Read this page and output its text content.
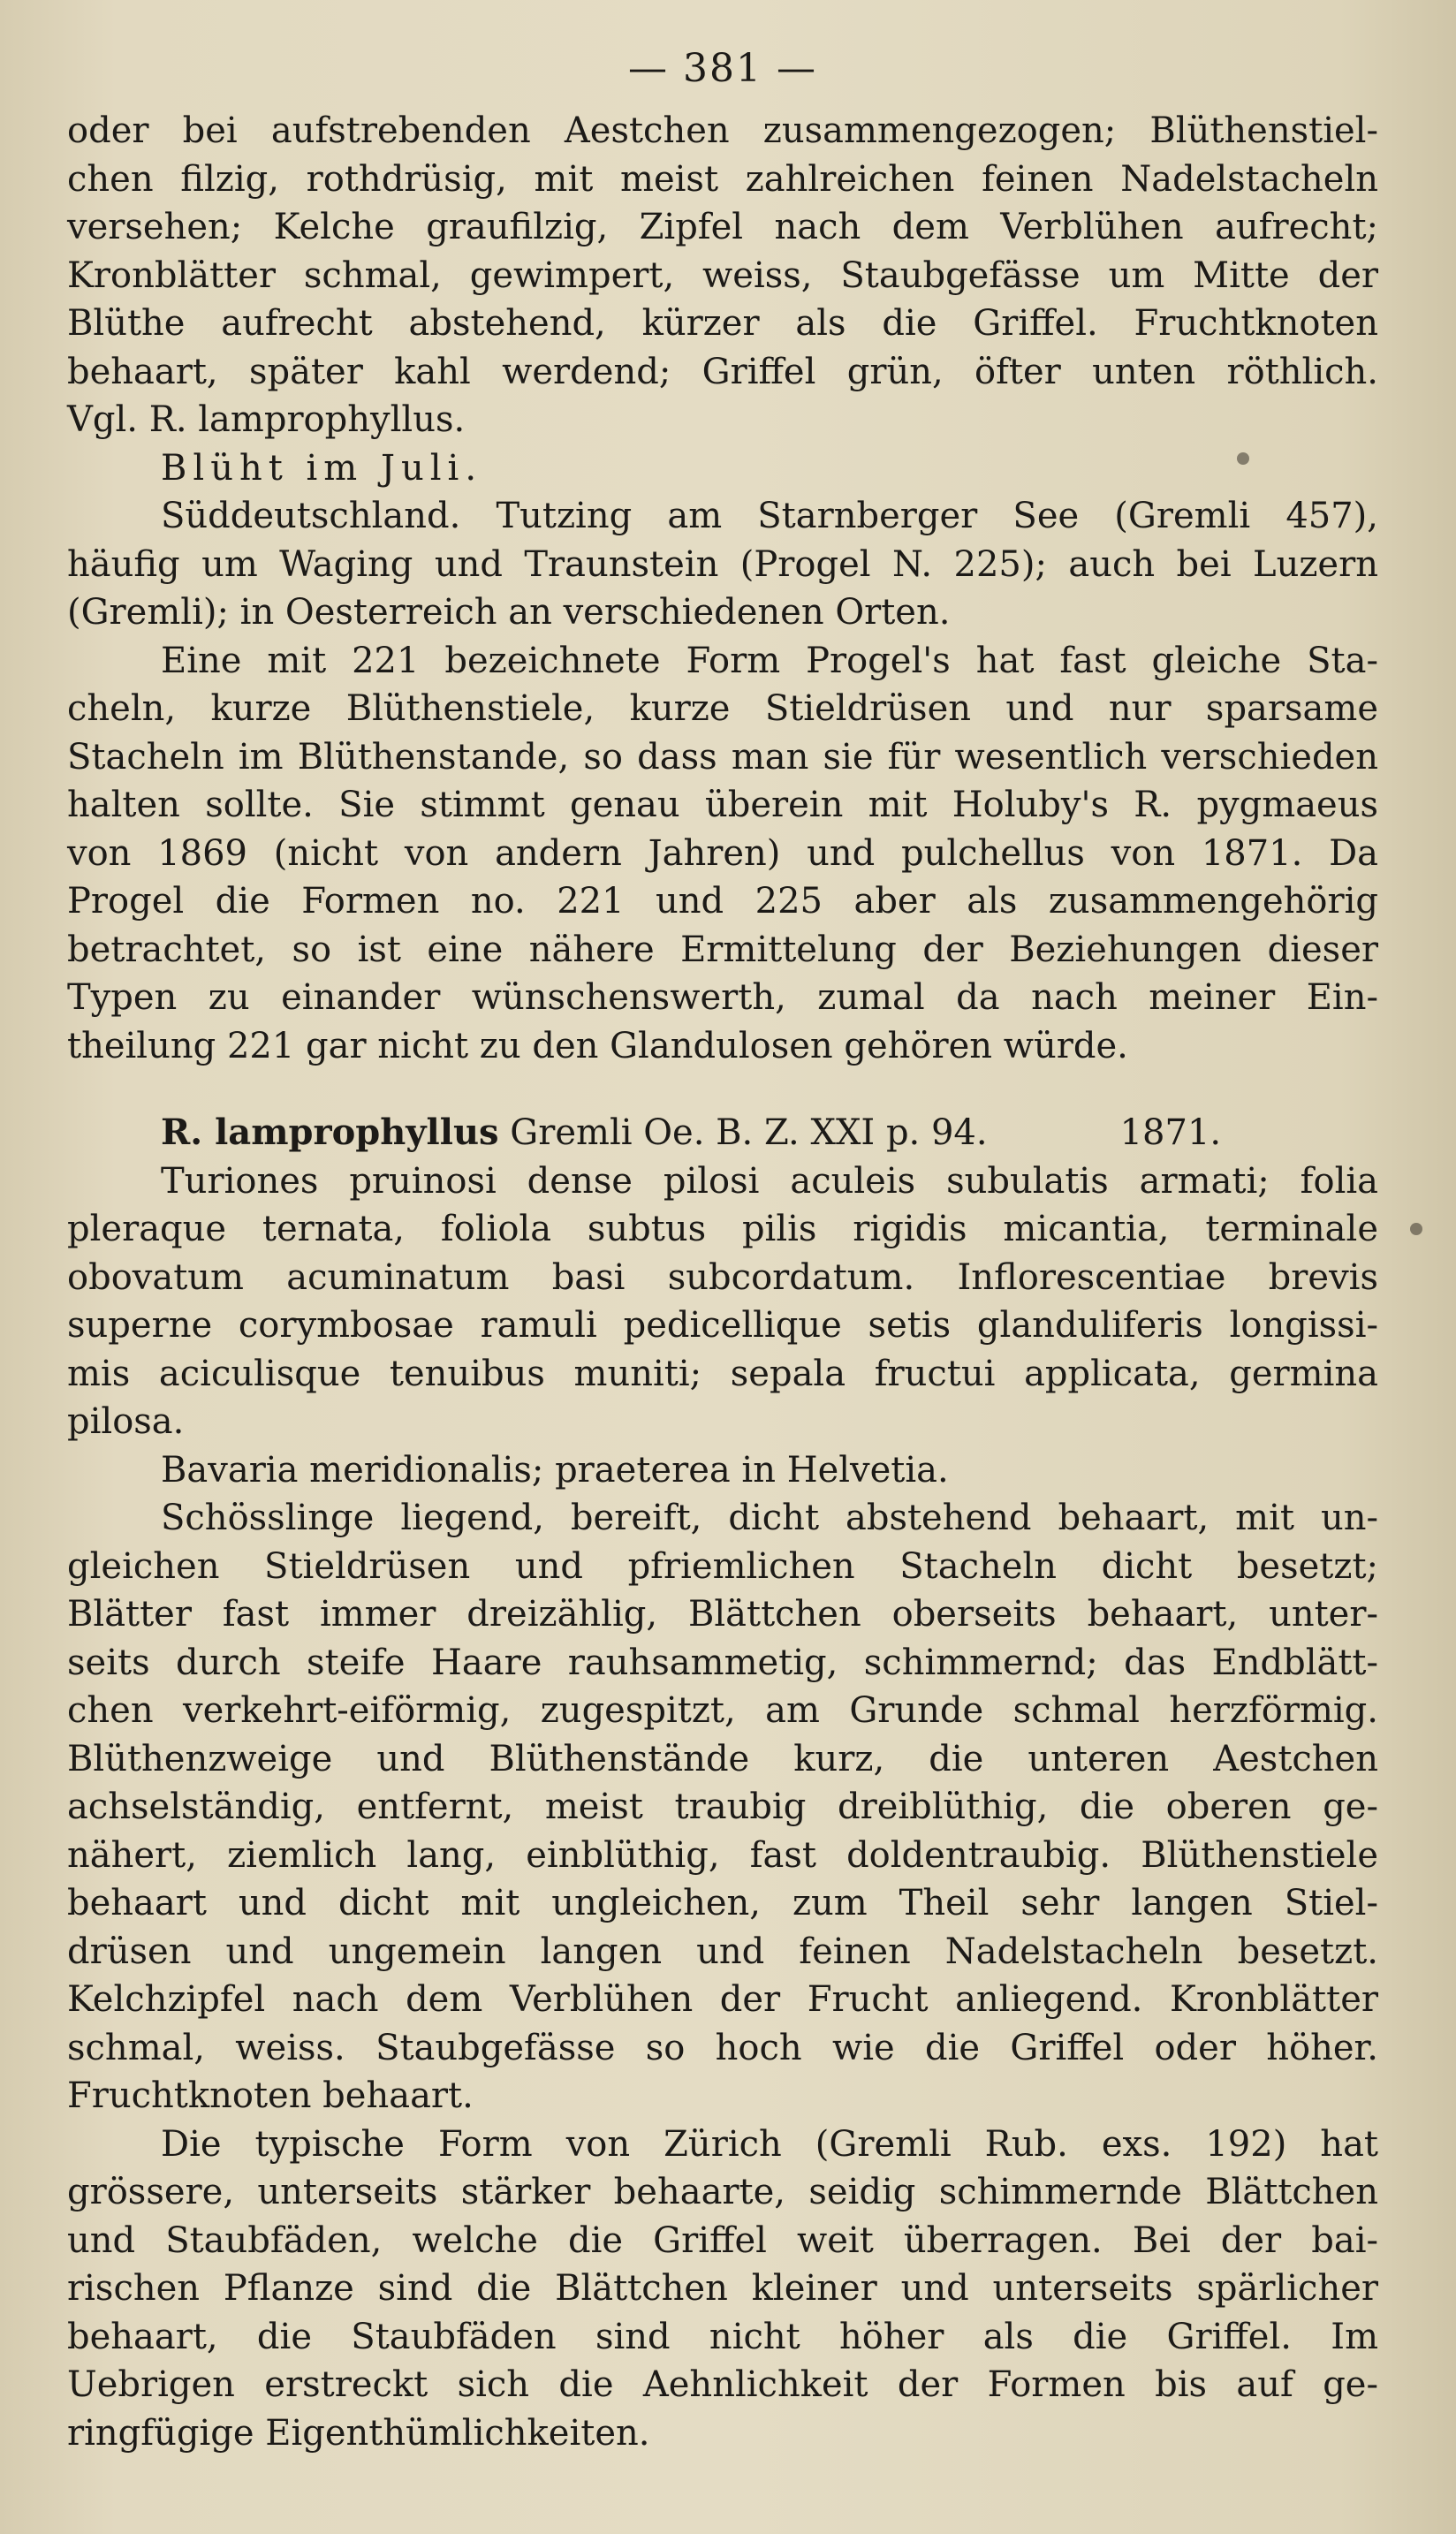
— 381 —
oder bei aufstrebenden Aestchen zusammengezogen; Blüthenstiel-
chen filzig, rothdrüsig, mit meist zahlreichen feinen Nadelstacheln
versehen; Kelche graufilzig, Zipfel nach dem Verblühen aufrecht;
Kronblätter schmal, gewimpert, weiss, Staubgefässe um Mitte der
Blüthe aufrecht abstehend, kürzer als die Griffel. Fruchtknoten
behaart, später kahl werdend; Griffel grün, öfter unten röthlich.
Vgl. R. lamprophyllus.
Blüht im Juli.
Süddeutschland. Tutzing am Starnberger See (Gremli 457),
häufig um Waging und Traunstein (Progel N. 225); auch bei Luzern
(Gremli); in Oesterreich an verschiedenen Orten.
Eine mit 221 bezeichnete Form Progel's hat fast gleiche Sta-
cheln, kurze Blüthenstiele, kurze Stieldrüsen und nur sparsame
Stacheln im Blüthenstande, so dass man sie für wesentlich verschieden
halten sollte. Sie stimmt genau überein mit Holuby's R. pygmaeus
von 1869 (nicht von andern Jahren) und pulchellus von 1871. Da
Progel die Formen no. 221 und 225 aber als zusammengehörig
betrachtet, so ist eine nähere Ermittelung der Beziehungen dieser
Typen zu einander wünschenswerth, zumal da nach meiner Ein-
theilung 221 gar nicht zu den Glandulosen gehören würde.
R. lamprophyllus Gremli Oe. B. Z. XXI p. 94.	1871.
Turiones pruinosi dense pilosi aculeis subulatis armati; folia
pleraque ternata, foliola subtus pilis rigidis micantia, terminale
obovatum acuminatum basi subcordatum. Inflorescentiae brevis
superne corymbosae ramuli pedicellique setis glanduliferis longissi-
mis aciculisque tenuibus muniti; sepala fructui applicata, germina
pilosa.
Bavaria meridionalis; praeterea in Helvetia.
Schösslinge liegend, bereift, dicht abstehend behaart, mit un-
gleichen Stieldrüsen und pfriemlichen Stacheln dicht besetzt;
Blätter fast immer dreizählig, Blättchen oberseits behaart, unter-
seits durch steife Haare rauhsammetig, schimmernd; das Endblätt-
chen verkehrt-eiförmig, zugespitzt, am Grunde schmal herzförmig.
Blüthenzweige und Blüthenstände kurz, die unteren Aestchen
achselständig, entfernt, meist traubig dreiblüthig, die oberen ge-
nähert, ziemlich lang, einblüthig, fast doldentraubig. Blüthenstiele
behaart und dicht mit ungleichen, zum Theil sehr langen Stiel-
drüsen und ungemein langen und feinen Nadelstacheln besetzt.
Kelchzipfel nach dem Verblühen der Frucht anliegend. Kronblätter
schmal, weiss. Staubgefässe so hoch wie die Griffel oder höher.
Fruchtknoten behaart.
Die typische Form von Zürich (Gremli Rub. exs. 192) hat
grössere, unterseits stärker behaarte, seidig schimmernde Blättchen
und Staubfäden, welche die Griffel weit überragen. Bei der bai-
rischen Pflanze sind die Blättchen kleiner und unterseits spärlicher
behaart, die Staubfäden sind nicht höher als die Griffel. Im
Uebrigen erstreckt sich die Aehnlichkeit der Formen bis auf ge-
ringfügige Eigenthümlichkeiten.
